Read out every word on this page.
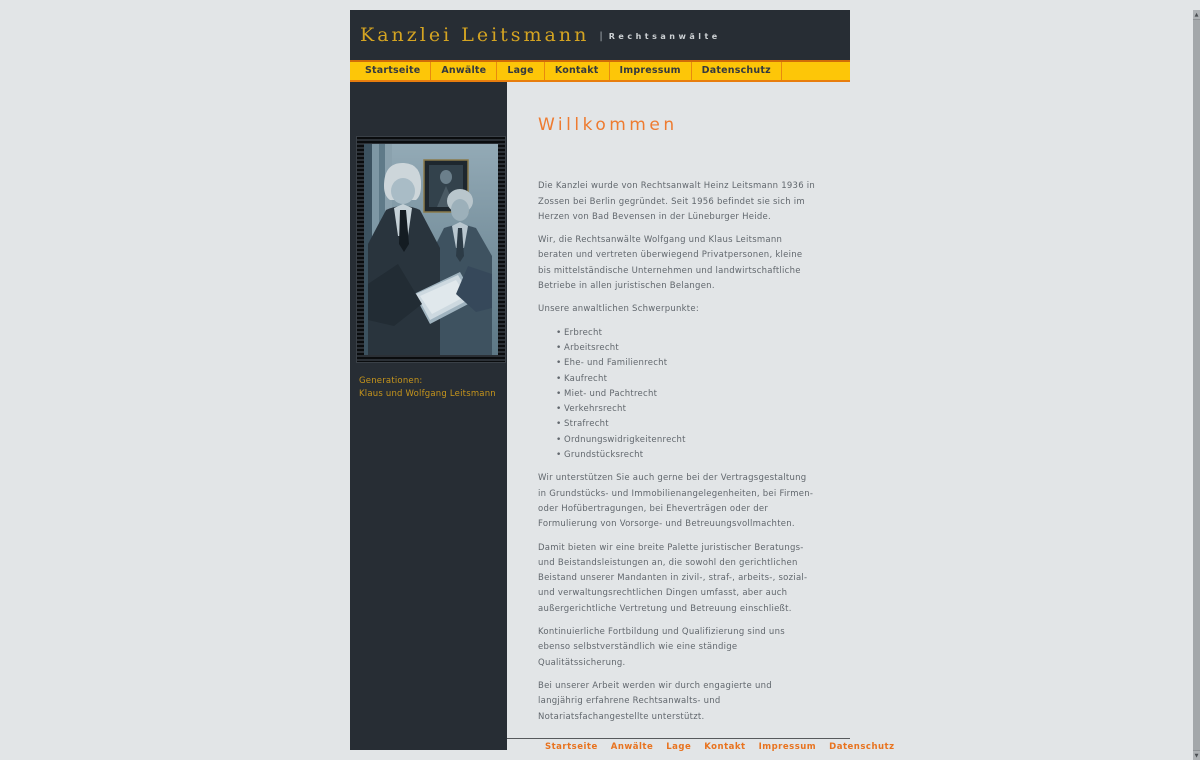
Kanzlei Leitsmann | Rechtsanwälte
Startseite	Anwälte	Lage	Kontakt	Impressum	Datenschutz
Generationen:
Klaus und Wolfgang Leitsmann
Willkommen

Die Kanzlei wurde von Rechtsanwalt Heinz Leitsmann 1936 in Zossen bei Berlin gegründet. Seit 1956 befindet sie sich im Herzen von Bad Bevensen in der Lüneburger Heide.

Wir, die Rechtsanwälte Wolfgang und Klaus Leitsmann beraten und vertreten überwiegend Privatpersonen, kleine bis mittelständische Unternehmen und landwirtschaftliche Betriebe in allen juristischen Belangen.

Unsere anwaltlichen Schwerpunkte:

• Erbrecht
• Arbeitsrecht
• Ehe- und Familienrecht
• Kaufrecht
• Miet- und Pachtrecht
• Verkehrsrecht
• Strafrecht
• Ordnungswidrigkeitenrecht
• Grundstücksrecht

Wir unterstützen Sie auch gerne bei der Vertragsgestaltung in Grundstücks- und Immobilienangelegenheiten, bei Firmen- oder Hofübertragungen, bei Eheverträgen oder der Formulierung von Vorsorge- und Betreuungsvollmachten.

Damit bieten wir eine breite Palette juristischer Beratungs- und Beistandsleistungen an, die sowohl den gerichtlichen Beistand unserer Mandanten in zivil-, straf-, arbeits-, sozial- und verwaltungsrechtlichen Dingen umfasst, aber auch außergerichtliche Vertretung und Betreuung einschließt.

Kontinuierliche Fortbildung und Qualifizierung sind uns ebenso selbstverständlich wie eine ständige Qualitätssicherung.

Bei unserer Arbeit werden wir durch engagierte und langjährig erfahrene Rechtsanwalts- und Notariatsfachangestellte unterstützt.

Startseite Anwälte Lage Kontakt Impressum Datenschutz
▲
▼
